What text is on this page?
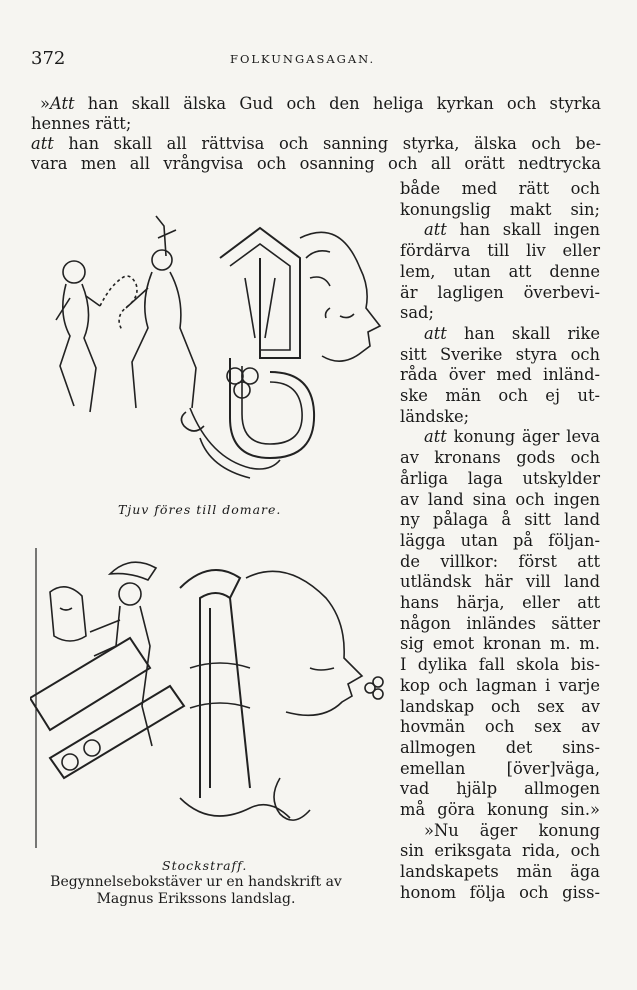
372	FOLKUNGASAGAN.
»Att han skall älska Gud och den heliga kyrkan och styrka
hennes rätt;
att han skall all rättvisa och sanning styrka, älska och be-
vara men all vrångvisa och osanning och all orätt nedtrycka
både med rätt och
konungslig makt sin;
att han skall ingen
fördärva till liv eller
lem, utan att denne
är lagligen överbevi-
sad;
att han skall rike
sitt Sverike styra och
råda över med inländ-
ske män och ej ut-
ländske;
att konung äger leva
av kronans gods och
årliga laga utskylder
av land sina och ingen
ny pålaga å sitt land
lägga utan på följan-
de villkor: först att
utländsk här vill land
hans härja, eller att
någon inländes sätter
sig emot kronan m. m.
I dylika fall skola bis-
kop och lagman i varje
landskap och sex av
hovmän och sex av
allmogen det sins-
emellan [över]väga,
vad hjälp allmogen
må göra konung sin.»
»Nu äger konung
sin eriksgata rida, och
landskapets män äga
honom följa och giss-
Tjuv föres till domare.
Stockstraff.
Begynnelsebokstäver ur en handskrift av
Magnus Erikssons landslag.
